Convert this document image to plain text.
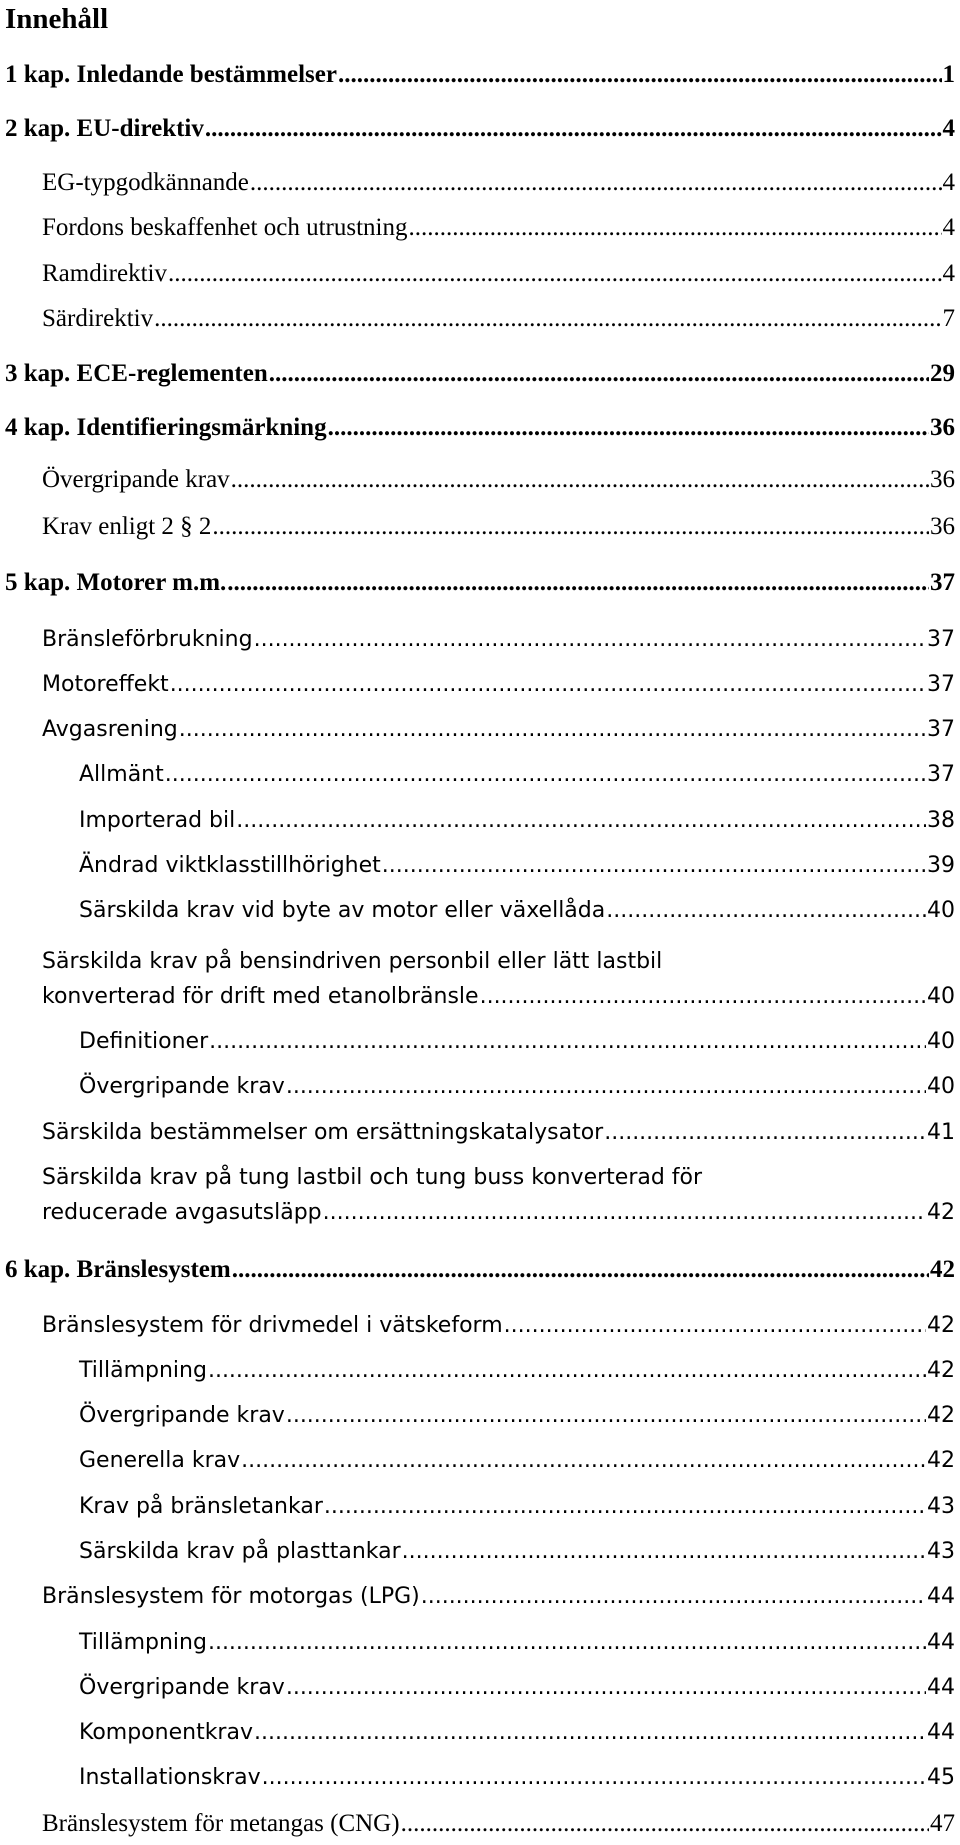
Innehåll
1 kap. Inledande bestämmelser .....	1
2 kap. EU-direktiv .....	4
EG-typgodkännande .....	4
Fordons beskaffenhet och utrustning .....	4
Ramdirektiv .....	4
Särdirektiv .....	7
3 kap. ECE-reglementen .....	29
4 kap. Identifieringsmärkning .....	36
Övergripande krav .....	36
Krav enligt 2 § 2 .....	36
5 kap. Motorer m.m. .....	37
Bränsleförbrukning .....	37
Motoreffekt .....	37
Avgasrening .....	37
Allmänt .....	37
Importerad bil .....	38
Ändrad viktklasstillhörighet .....	39
Särskilda krav vid byte av motor eller växellåda .....	40
Särskilda krav på bensindriven personbil eller lätt lastbil
konverterad för drift med etanolbränsle .....	40
Definitioner .....	40
Övergripande krav .....	40
Särskilda bestämmelser om ersättningskatalysator .....	41
Särskilda krav på tung lastbil och tung buss konverterad för
reducerade avgasutsläpp .....	42
6 kap. Bränslesystem .....	42
Bränslesystem för drivmedel i vätskeform .....	42
Tillämpning .....	42
Övergripande krav .....	42
Generella krav .....	42
Krav på bränsletankar .....	43
Särskilda krav på plasttankar .....	43
Bränslesystem för motorgas (LPG) .....	44
Tillämpning .....	44
Övergripande krav .....	44
Komponentkrav .....	44
Installationskrav .....	45
Bränslesystem för metangas (CNG) .....	47
